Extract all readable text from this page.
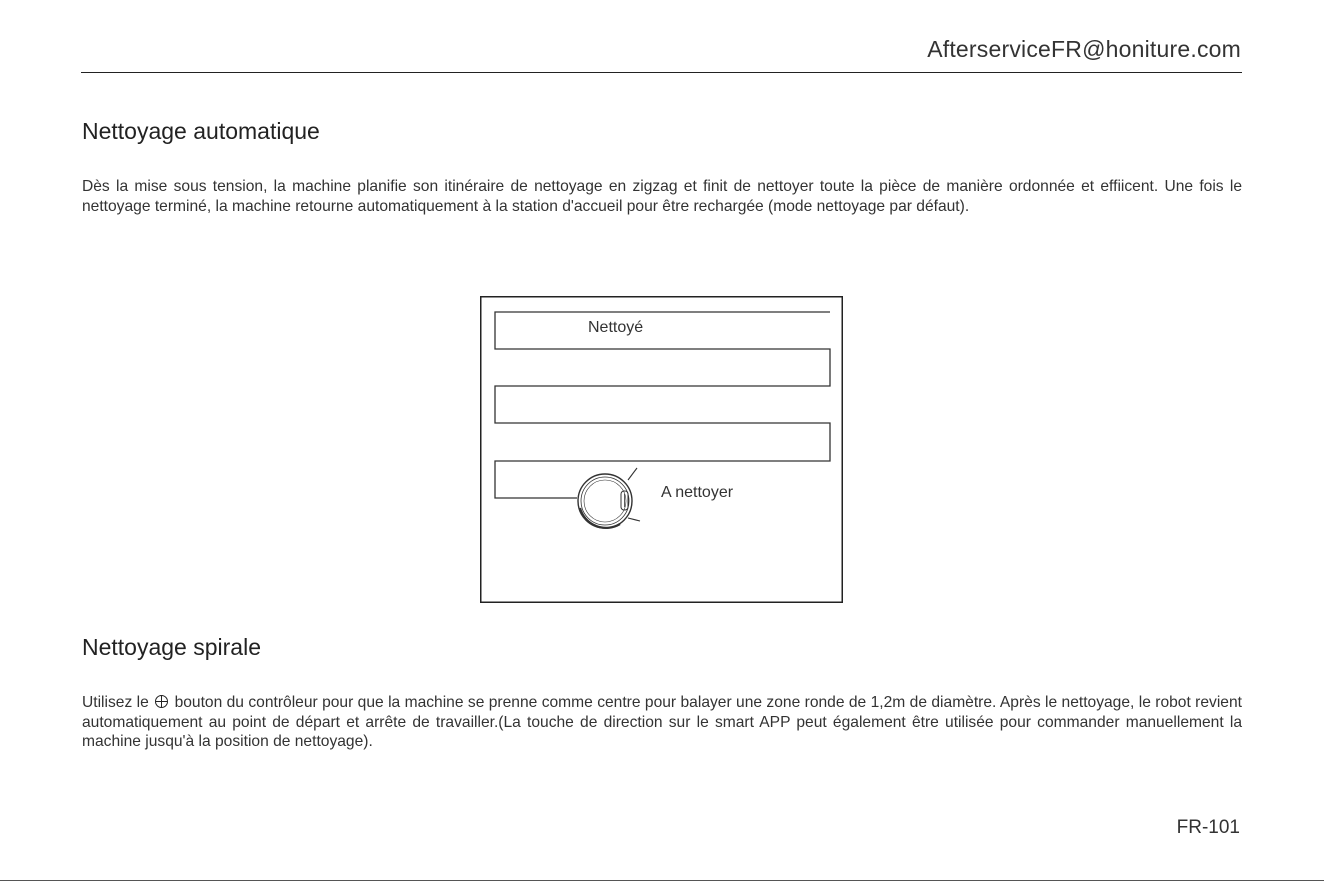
AfterserviceFR@honiture.com
Nettoyage automatique

Dès la mise sous tension, la machine planifie son itinéraire de nettoyage en zigzag et finit de nettoyer toute la pièce de manière ordonnée et effiicent. Une fois le nettoyage terminé, la machine retourne automatiquement à la station d'accueil pour être rechargée (mode nettoyage par défaut).

Nettoyé
A nettoyer
Nettoyage spirale

Utilisez le bouton du contrôleur pour que la machine se prenne comme centre pour balayer une zone ronde de 1,2m de diamètre. Après le nettoyage, le robot revient automatiquement au point de départ et arrête de travailler.(La touche de direction sur le smart APP peut également être utilisée pour commander manuellement la machine jusqu'à la position de nettoyage).

FR-101
